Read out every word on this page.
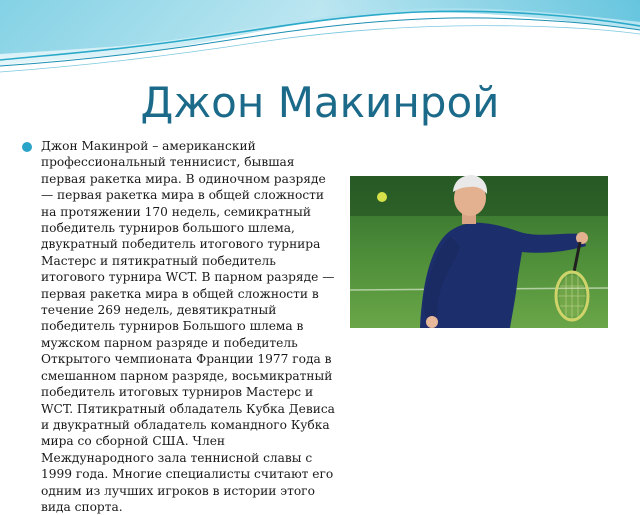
Джон Макинрой

Джон Макинрой – американский профессиональный теннисист, бывшая первая ракетка мира. В одиночном разряде — первая ракетка мира в общей сложности на протяжении 170 недель, семикратный победитель турниров большого шлема, двукратный победитель итогового турнира Мастерс и пятикратный победитель итогового турнира WCT. В парном разряде — первая ракетка мира в общей сложности в течение 269 недель, девятикратный победитель турниров Большого шлема в мужском парном разряде и победитель Открытого чемпионата Франции 1977 года в смешанном парном разряде, восьмикратный победитель итоговых турниров Мастерс и WCT. Пятикратный обладатель Кубка Девиса и двукратный обладатель командного Кубка мира со сборной США. Член Международного зала теннисной славы с 1999 года. Многие специалисты считают его одним из лучших игроков в истории этого вида спорта.
